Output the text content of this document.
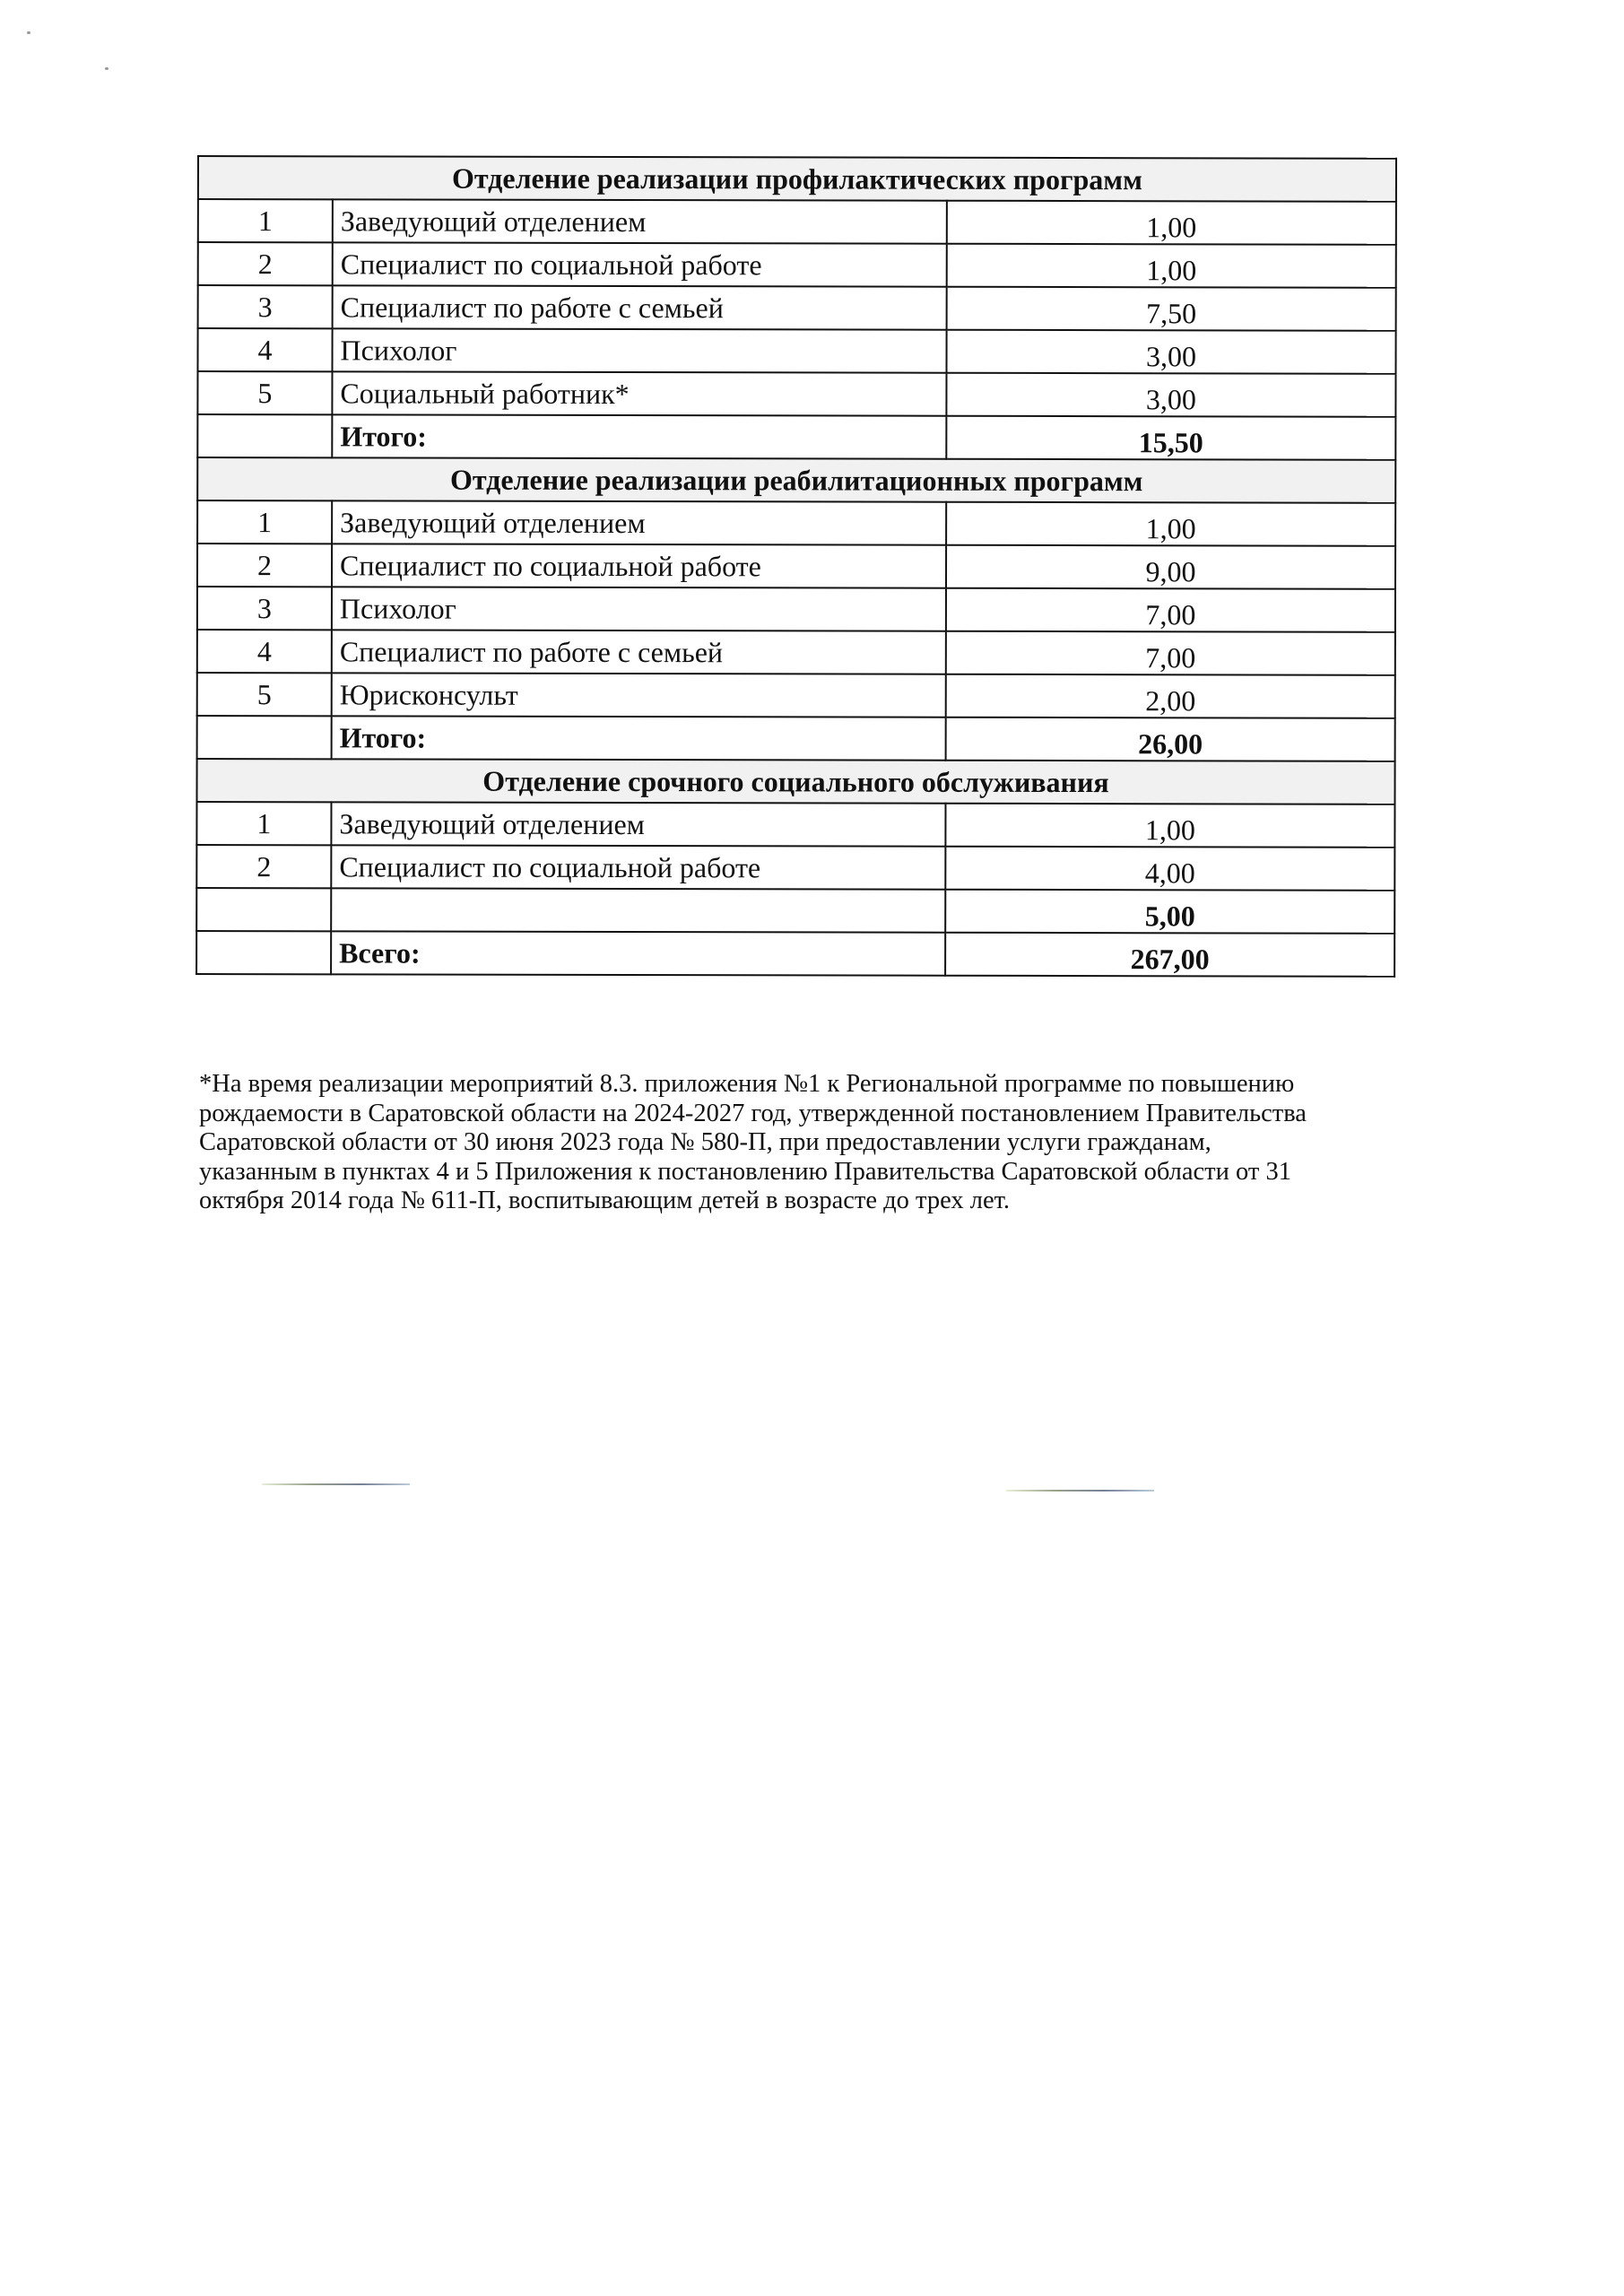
Отделение реализации профилактических программ		
1	Заведующий отделением	1,00
2	Специалист по социальной работе	1,00
3	Специалист по работе с семьей	7,50
4	Психолог	3,00
5	Социальный работник*	3,00
	Итого:	15,50
Отделение реализации реабилитационных программ		
1	Заведующий отделением	1,00
2	Специалист по социальной работе	9,00
3	Психолог	7,00
4	Специалист по работе с семьей	7,00
5	Юрисконсульт	2,00
	Итого:	26,00
Отделение срочного социального обслуживания		
1	Заведующий отделением	1,00
2	Специалист по социальной работе	4,00
		5,00
	Всего:	267,00

*На время реализации мероприятий 8.3. приложения №1 к Региональной программе по повышению

рождаемости в Саратовской области на 2024-2027 год, утвержденной постановлением Правительства

Саратовской области от 30 июня 2023 года № 580-П, при предоставлении услуги гражданам,

указанным в пунктах 4 и 5 Приложения к постановлению Правительства Саратовской области от 31

октября 2014 года № 611-П, воспитывающим детей в возрасте до трех лет.
